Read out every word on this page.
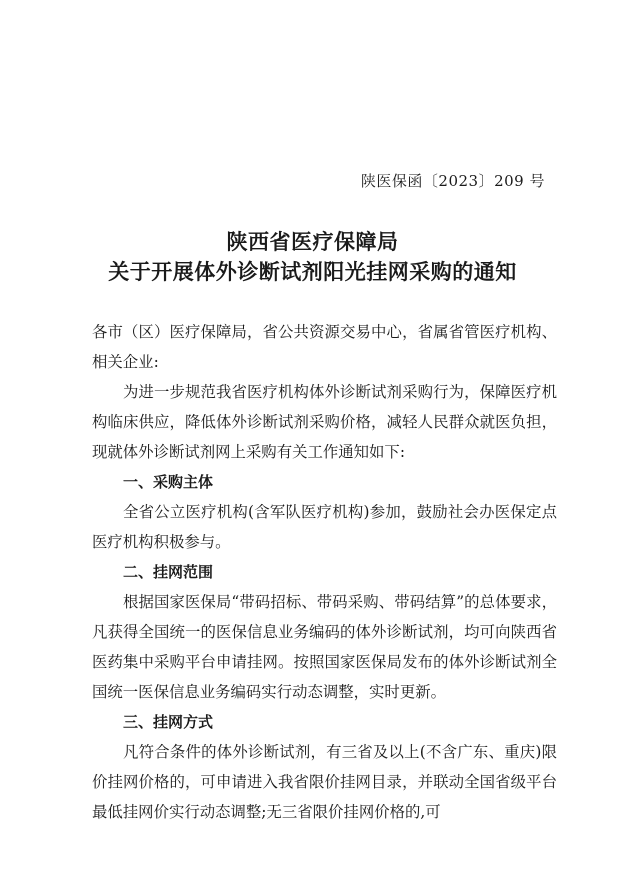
陕医保函〔2023〕209 号
陕西省医疗保障局
关于开展体外诊断试剂阳光挂网采购的通知

各市（区）医疗保障局，省公共资源交易中心，省属省管医疗机构、相关企业:

为进一步规范我省医疗机构体外诊断试剂采购行为，保障医疗机构临床供应，降低体外诊断试剂采购价格，减轻人民群众就医负担，现就体外诊断试剂网上采购有关工作通知如下:

一、采购主体

全省公立医疗机构(含军队医疗机构)参加，鼓励社会办医保定点医疗机构积极参与。

二、挂网范围

根据国家医保局“带码招标、带码采购、带码结算”的总体要求，凡获得全国统一的医保信息业务编码的体外诊断试剂，均可向陕西省医药集中采购平台申请挂网。按照国家医保局发布的体外诊断试剂全国统一医保信息业务编码实行动态调整，实时更新。

三、挂网方式

凡符合条件的体外诊断试剂，有三省及以上(不含广东、重庆)限价挂网价格的，可申请进入我省限价挂网目录，并联动全国省级平台最低挂网价实行动态调整;无三省限价挂网价格的,可
